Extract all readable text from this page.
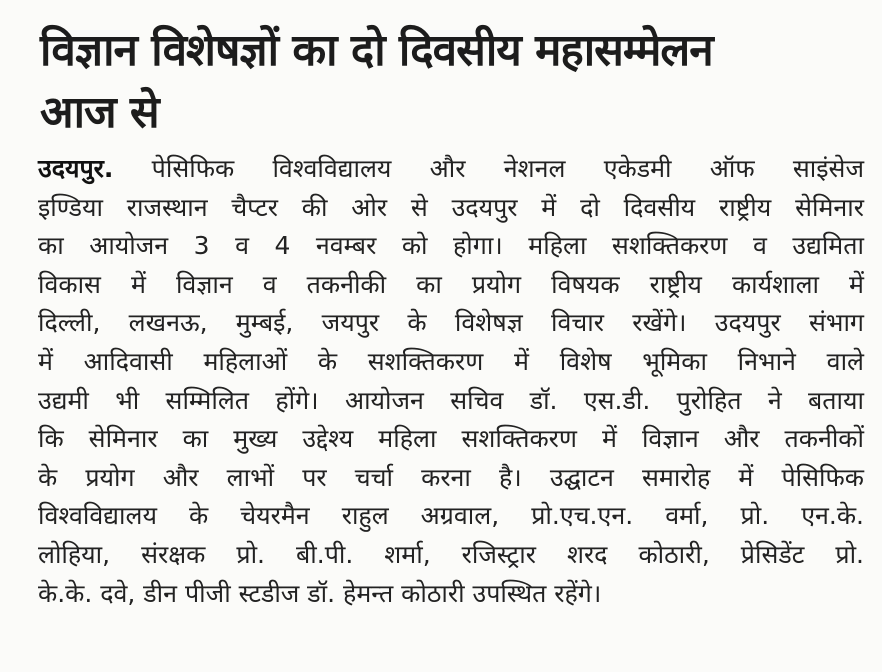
विज्ञान विशेषज्ञों का दो दिवसीय महासम्मेलन
आज से
उदयपुर. पेसिफिक विश्वविद्यालय और नेशनल एकेडमी ऑफ साइंसेज
इण्डिया राजस्थान चैप्टर की ओर से उदयपुर में दो दिवसीय राष्ट्रीय सेमिनार
का आयोजन 3 व 4 नवम्बर को होगा। महिला सशक्तिकरण व उद्यमिता
विकास में विज्ञान व तकनीकी का प्रयोग विषयक राष्ट्रीय कार्यशाला में
दिल्ली, लखनऊ, मुम्बई, जयपुर के विशेषज्ञ विचार रखेंगे। उदयपुर संभाग
में आदिवासी महिलाओं के सशक्तिकरण में विशेष भूमिका निभाने वाले
उद्यमी भी सम्मिलित होंगे। आयोजन सचिव डॉ. एस.डी. पुरोहित ने बताया
कि सेमिनार का मुख्य उद्देश्य महिला सशक्तिकरण में विज्ञान और तकनीकों
के प्रयोग और लाभों पर चर्चा करना है। उद्घाटन समारोह में पेसिफिक
विश्वविद्यालय के चेयरमैन राहुल अग्रवाल, प्रो.एच.एन. वर्मा, प्रो. एन.के.
लोहिया, संरक्षक प्रो. बी.पी. शर्मा, रजिस्ट्रार शरद कोठारी, प्रेसिडेंट प्रो.
के.के. दवे, डीन पीजी स्टडीज डॉ. हेमन्त कोठारी उपस्थित रहेंगे।
